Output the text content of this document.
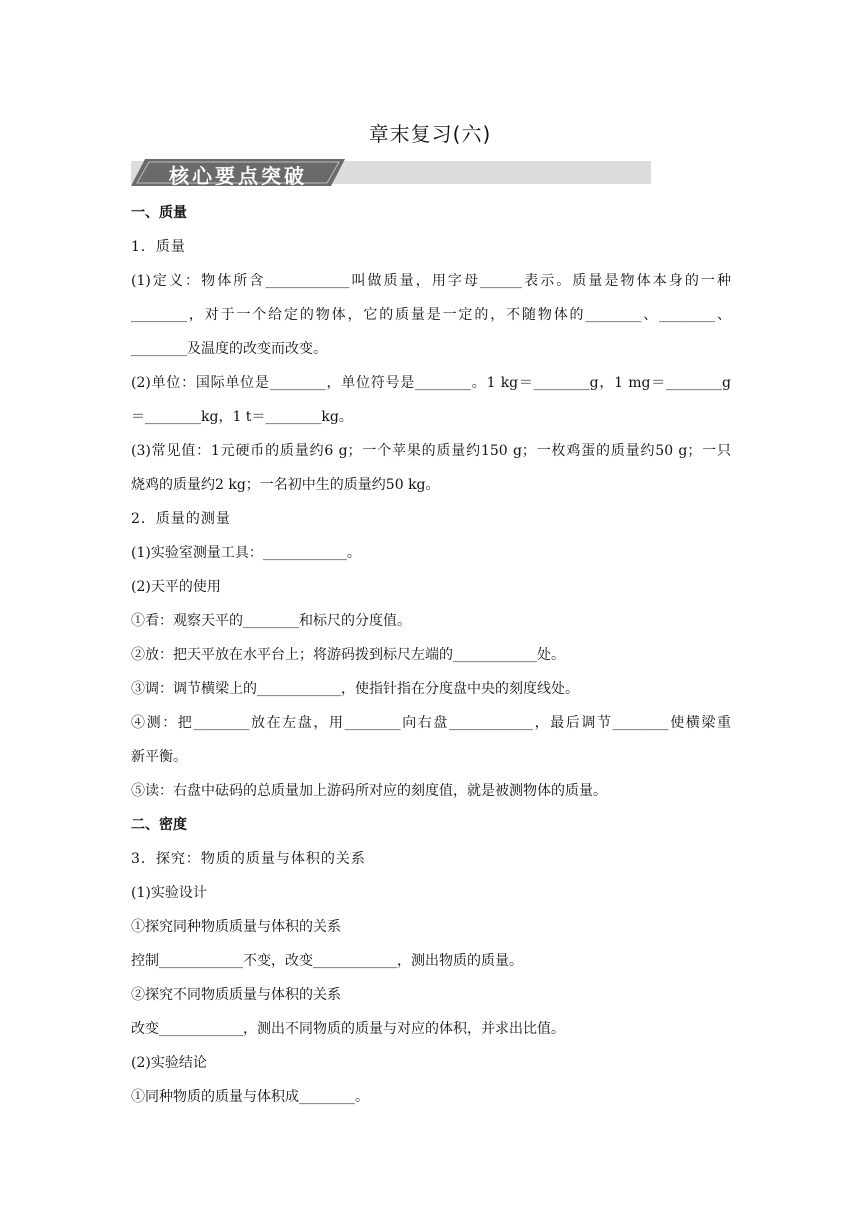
章末复习(六)
核心要点突破
一、质量
1．质量
(1)定义：物体所含____________叫做质量，用字母______表示。质量是物体本身的一种
________，对于一个给定的物体，它的质量是一定的，不随物体的________、________、
________及温度的改变而改变。
(2)单位：国际单位是________，单位符号是________。1 kg＝________g，1 mg＝________g
＝________kg，1 t＝________kg。
(3)常见值：1元硬币的质量约6 g；一个苹果的质量约150 g；一枚鸡蛋的质量约50 g；一只
烧鸡的质量约2 kg；一名初中生的质量约50 kg。
2．质量的测量
(1)实验室测量工具：____________。
(2)天平的使用
①看：观察天平的________和标尺的分度值。
②放：把天平放在水平台上；将游码拨到标尺左端的____________处。
③调：调节横梁上的____________，使指针指在分度盘中央的刻度线处。
④测：把________放在左盘，用________向右盘____________，最后调节________使横梁重
新平衡。
⑤读：右盘中砝码的总质量加上游码所对应的刻度值，就是被测物体的质量。
二、密度
3．探究：物质的质量与体积的关系
(1)实验设计
①探究同种物质质量与体积的关系
控制____________不变，改变____________，测出物质的质量。
②探究不同物质质量与体积的关系
改变____________，测出不同物质的质量与对应的体积，并求出比值。
(2)实验结论
①同种物质的质量与体积成________。
